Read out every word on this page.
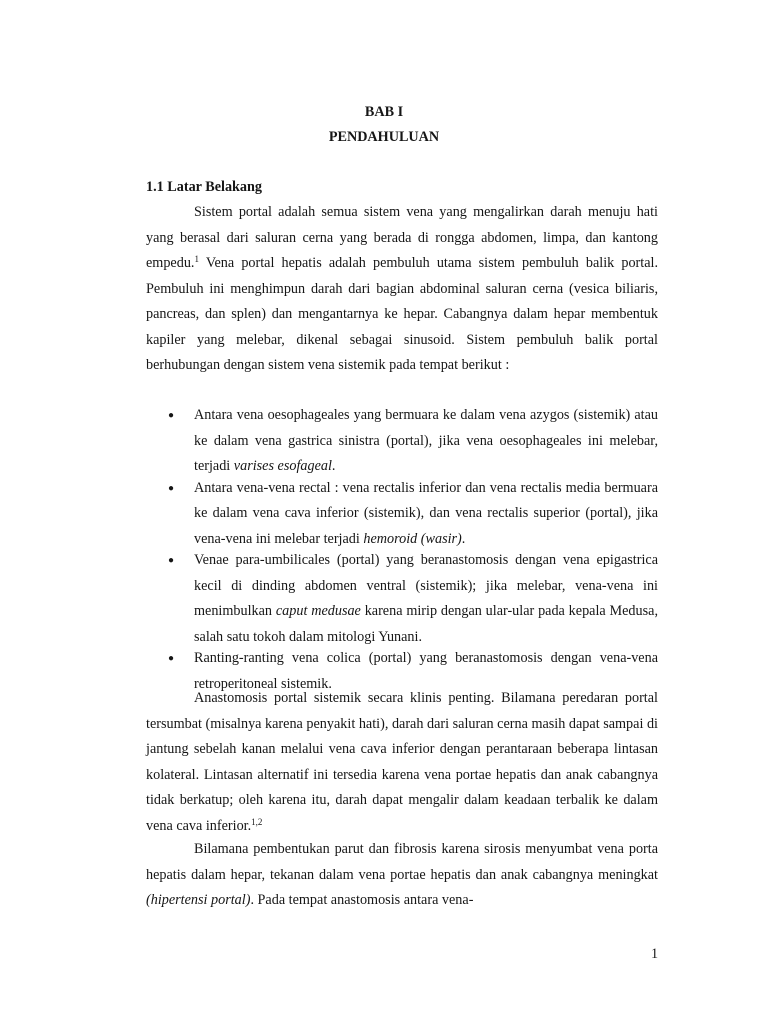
BAB I

PENDAHULUAN

1.1 Latar Belakang

Sistem portal adalah semua sistem vena yang mengalirkan darah menuju hati yang berasal dari saluran cerna yang berada di rongga abdomen, limpa, dan kantong empedu.$^1$ Vena portal hepatis adalah pembuluh utama sistem pembuluh balik portal. Pembuluh ini menghimpun darah dari bagian abdominal saluran cerna (vesica biliaris, pancreas, dan splen) dan mengantarnya ke hepar. Cabangnya dalam hepar membentuk kapiler yang melebar, dikenal sebagai sinusoid. Sistem pembuluh balik portal berhubungan dengan sistem vena sistemik pada tempat berikut :

● Antara vena oesophageales yang bermuara ke dalam vena azygos (sistemik) atau ke dalam vena gastrica sinistra (portal), jika vena oesophageales ini melebar, terjadi varises esofageal.
● Antara vena-vena rectal : vena rectalis inferior dan vena rectalis media bermuara ke dalam vena cava inferior (sistemik), dan vena rectalis superior (portal), jika vena-vena ini melebar terjadi hemoroid (wasir).
● Venae para-umbilicales (portal) yang beranastomosis dengan vena epigastrica kecil di dinding abdomen ventral (sistemik); jika melebar, vena-vena ini menimbulkan caput medusae karena mirip dengan ular-ular pada kepala Medusa, salah satu tokoh dalam mitologi Yunani.
● Ranting-ranting vena colica (portal) yang beranastomosis dengan vena-vena retroperitoneal sistemik.

Anastomosis portal sistemik secara klinis penting. Bilamana peredaran portal tersumbat (misalnya karena penyakit hati), darah dari saluran cerna masih dapat sampai di jantung sebelah kanan melalui vena cava inferior dengan perantaraan beberapa lintasan kolateral. Lintasan alternatif ini tersedia karena vena portae hepatis dan anak cabangnya tidak berkatup; oleh karena itu, darah dapat mengalir dalam keadaan terbalik ke dalam vena cava inferior.$^{1,2}$

Bilamana pembentukan parut dan fibrosis karena sirosis menyumbat vena porta hepatis dalam hepar, tekanan dalam vena portae hepatis dan anak cabangnya meningkat (hipertensi portal). Pada tempat anastomosis antara vena-

1
